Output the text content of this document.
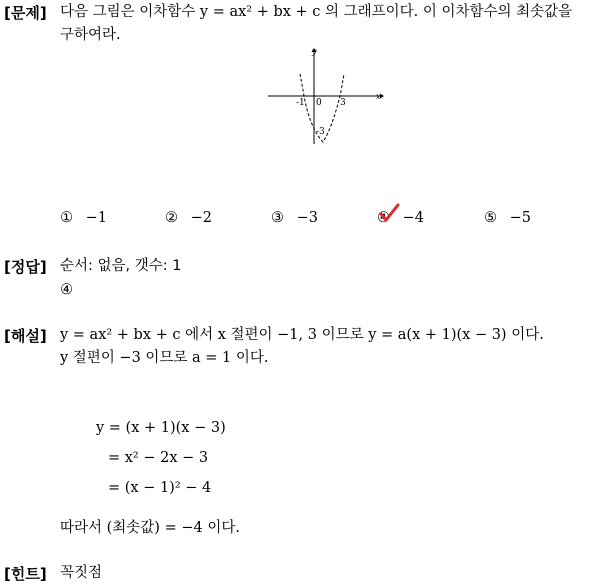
[문제] 다음 그림은 이차함수 y = ax² + bx + c 의 그래프이다. 이 이차함수의 최솟값을
구하여라.
x
y
-1 0 3
-3
① −1	② −2	③ −3	④ −4	⑤ −5
[정답] 순서: 없음, 갯수: 1
④
[해설] y = ax² + bx + c 에서 x 절편이 −1, 3 이므로 y = a(x + 1)(x − 3) 이다.
y 절편이 −3 이므로 a = 1 이다.
y = (x + 1)(x − 3)
= x² − 2x − 3
= (x − 1)² − 4
따라서 (최솟값) = −4 이다.
[힌트] 꼭짓점
